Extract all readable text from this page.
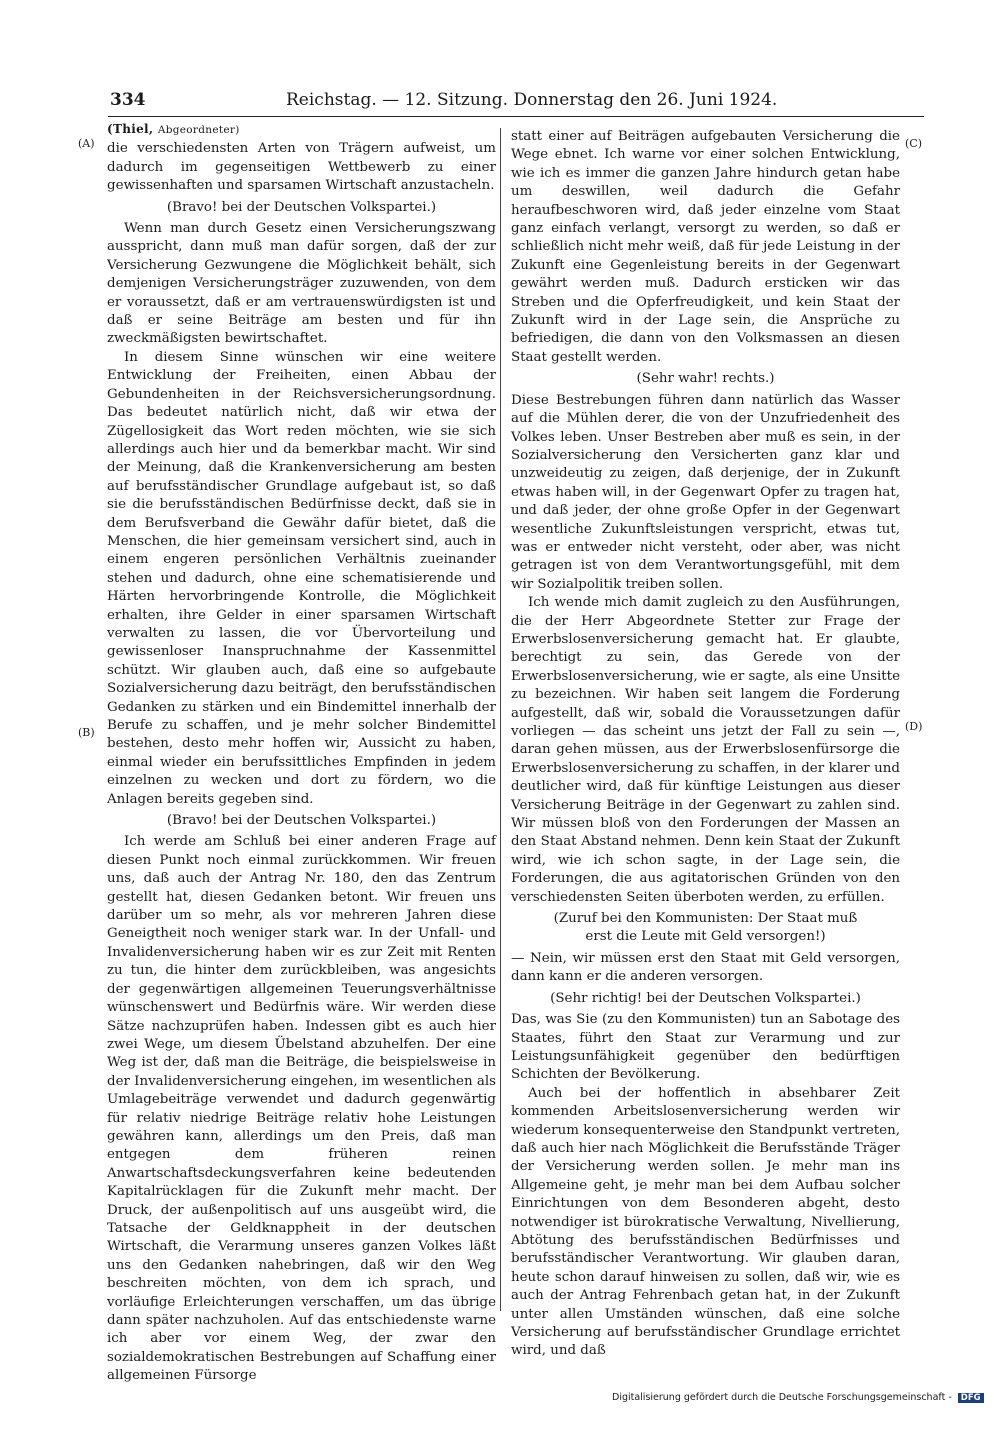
334	Reichstag. — 12. Sitzung. Donnerstag den 26. Juni 1924.
(A)
(B)
(C)
(D)
(Thiel, Abgeordneter)

die verschiedensten Arten von Trägern aufweist, um dadurch im gegenseitigen Wettbewerb zu einer gewissenhaften und sparsamen Wirtschaft anzustacheln.

(Bravo! bei der Deutschen Volkspartei.)

Wenn man durch Gesetz einen Versicherungszwang ausspricht, dann muß man dafür sorgen, daß der zur Versicherung Gezwungene die Möglichkeit behält, sich demjenigen Versicherungsträger zuzuwenden, von dem er voraussetzt, daß er am vertrauenswürdigsten ist und daß er seine Beiträge am besten und für ihn zweckmäßigsten bewirtschaftet.

In diesem Sinne wünschen wir eine weitere Entwicklung der Freiheiten, einen Abbau der Gebundenheiten in der Reichsversicherungsordnung. Das bedeutet natürlich nicht, daß wir etwa der Zügellosigkeit das Wort reden möchten, wie sie sich allerdings auch hier und da bemerkbar macht. Wir sind der Meinung, daß die Krankenversicherung am besten auf berufsständischer Grundlage aufgebaut ist, so daß sie die berufsständischen Bedürfnisse deckt, daß sie in dem Berufsverband die Gewähr dafür bietet, daß die Menschen, die hier gemeinsam versichert sind, auch in einem engeren persönlichen Verhältnis zueinander stehen und dadurch, ohne eine schematisierende und Härten hervorbringende Kontrolle, die Möglichkeit erhalten, ihre Gelder in einer sparsamen Wirtschaft verwalten zu lassen, die vor Übervorteilung und gewissenloser Inanspruchnahme der Kassenmittel schützt. Wir glauben auch, daß eine so aufgebaute Sozialversicherung dazu beiträgt, den berufsständischen Gedanken zu stärken und ein Bindemittel innerhalb der Berufe zu schaffen, und je mehr solcher Bindemittel bestehen, desto mehr hoffen wir, Aussicht zu haben, einmal wieder ein berufssittliches Empfinden in jedem einzelnen zu wecken und dort zu fördern, wo die Anlagen bereits gegeben sind.

(Bravo! bei der Deutschen Volkspartei.)

Ich werde am Schluß bei einer anderen Frage auf diesen Punkt noch einmal zurückkommen. Wir freuen uns, daß auch der Antrag Nr. 180, den das Zentrum gestellt hat, diesen Gedanken betont. Wir freuen uns darüber um so mehr, als vor mehreren Jahren diese Geneigtheit noch weniger stark war. In der Unfall- und Invalidenversicherung haben wir es zur Zeit mit Renten zu tun, die hinter dem zurückbleiben, was angesichts der gegenwärtigen allgemeinen Teuerungsverhältnisse wünschenswert und Bedürfnis wäre. Wir werden diese Sätze nachzuprüfen haben. Indessen gibt es auch hier zwei Wege, um diesem Übelstand abzuhelfen. Der eine Weg ist der, daß man die Beiträge, die beispielsweise in der Invalidenversicherung eingehen, im wesentlichen als Umlagebeiträge verwendet und dadurch gegenwärtig für relativ niedrige Beiträge relativ hohe Leistungen gewähren kann, allerdings um den Preis, daß man entgegen dem früheren reinen Anwartschaftsdeckungsverfahren keine bedeutenden Kapitalrücklagen für die Zukunft mehr macht. Der Druck, der außenpolitisch auf uns ausgeübt wird, die Tatsache der Geldknappheit in der deutschen Wirtschaft, die Verarmung unseres ganzen Volkes läßt uns den Gedanken nahebringen, daß wir den Weg beschreiten möchten, von dem ich sprach, und vorläufige Erleichterungen verschaffen, um das übrige dann später nachzuholen. Auf das entschiedenste warne ich aber vor einem Weg, der zwar den sozialdemokratischen Bestrebungen auf Schaffung einer allgemeinen Fürsorge

statt einer auf Beiträgen aufgebauten Versicherung die Wege ebnet. Ich warne vor einer solchen Entwicklung, wie ich es immer die ganzen Jahre hindurch getan habe um deswillen, weil dadurch die Gefahr heraufbeschworen wird, daß jeder einzelne vom Staat ganz einfach verlangt, versorgt zu werden, so daß er schließlich nicht mehr weiß, daß für jede Leistung in der Zukunft eine Gegenleistung bereits in der Gegenwart gewährt werden muß. Dadurch ersticken wir das Streben und die Opferfreudigkeit, und kein Staat der Zukunft wird in der Lage sein, die Ansprüche zu befriedigen, die dann von den Volksmassen an diesen Staat gestellt werden.

(Sehr wahr! rechts.)

Diese Bestrebungen führen dann natürlich das Wasser auf die Mühlen derer, die von der Unzufriedenheit des Volkes leben. Unser Bestreben aber muß es sein, in der Sozialversicherung den Versicherten ganz klar und unzweideutig zu zeigen, daß derjenige, der in Zukunft etwas haben will, in der Gegenwart Opfer zu tragen hat, und daß jeder, der ohne große Opfer in der Gegenwart wesentliche Zukunftsleistungen verspricht, etwas tut, was er entweder nicht versteht, oder aber, was nicht getragen ist von dem Verantwortungsgefühl, mit dem wir Sozialpolitik treiben sollen.

Ich wende mich damit zugleich zu den Ausführungen, die der Herr Abgeordnete Stetter zur Frage der Erwerbslosenversicherung gemacht hat. Er glaubte, berechtigt zu sein, das Gerede von der Erwerbslosenversicherung, wie er sagte, als eine Unsitte zu bezeichnen. Wir haben seit langem die Forderung aufgestellt, daß wir, sobald die Voraussetzungen dafür vorliegen — das scheint uns jetzt der Fall zu sein —, daran gehen müssen, aus der Erwerbslosenfürsorge die Erwerbslosenversicherung zu schaffen, in der klarer und deutlicher wird, daß für künftige Leistungen aus dieser Versicherung Beiträge in der Gegenwart zu zahlen sind. Wir müssen bloß von den Forderungen der Massen an den Staat Abstand nehmen. Denn kein Staat der Zukunft wird, wie ich schon sagte, in der Lage sein, die Forderungen, die aus agitatorischen Gründen von den verschiedensten Seiten überboten werden, zu erfüllen.

(Zuruf bei den Kommunisten: Der Staat muß

erst die Leute mit Geld versorgen!)

— Nein, wir müssen erst den Staat mit Geld versorgen, dann kann er die anderen versorgen.

(Sehr richtig! bei der Deutschen Volkspartei.)

Das, was Sie (zu den Kommunisten) tun an Sabotage des Staates, führt den Staat zur Verarmung und zur Leistungsunfähigkeit gegenüber den bedürftigen Schichten der Bevölkerung.

Auch bei der hoffentlich in absehbarer Zeit kommenden Arbeitslosenversicherung werden wir wiederum konsequenterweise den Standpunkt vertreten, daß auch hier nach Möglichkeit die Berufsstände Träger der Versicherung werden sollen. Je mehr man ins Allgemeine geht, je mehr man bei dem Aufbau solcher Einrichtungen von dem Besonderen abgeht, desto notwendiger ist bürokratische Verwaltung, Nivellierung, Abtötung des berufsständischen Bedürfnisses und berufsständischer Verantwortung. Wir glauben daran, heute schon darauf hinweisen zu sollen, daß wir, wie es auch der Antrag Fehrenbach getan hat, in der Zukunft unter allen Umständen wünschen, daß eine solche Versicherung auf berufsständischer Grundlage errichtet wird, und daß

Digitalisierung gefördert durch die Deutsche Forschungsgemeinschaft - DFG
